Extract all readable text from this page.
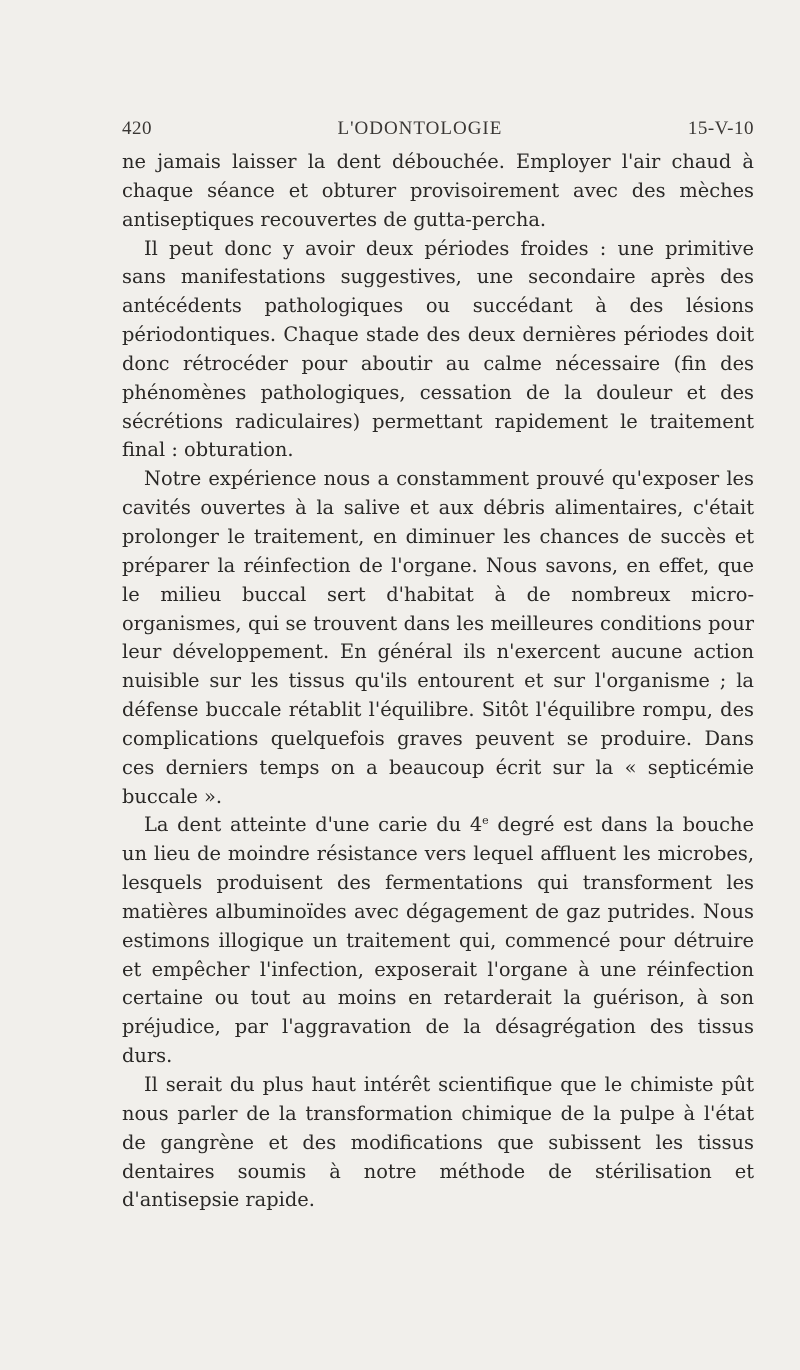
420	L'ODONTOLOGIE	15-V-10

ne jamais laisser la dent débouchée. Employer l'air chaud à chaque séance et obturer provisoirement avec des mèches antiseptiques recouvertes de gutta-percha.

Il peut donc y avoir deux périodes froides : une primitive sans manifestations suggestives, une secondaire après des antécédents pathologiques ou succédant à des lésions périodontiques. Chaque stade des deux dernières périodes doit donc rétrocéder pour aboutir au calme nécessaire (fin des phénomènes pathologiques, cessation de la douleur et des sécrétions radiculaires) permettant rapidement le traitement final : obturation.

Notre expérience nous a constamment prouvé qu'exposer les cavités ouvertes à la salive et aux débris alimentaires, c'était prolonger le traitement, en diminuer les chances de succès et préparer la réinfection de l'organe. Nous savons, en effet, que le milieu buccal sert d'habitat à de nombreux micro-organismes, qui se trouvent dans les meilleures conditions pour leur développement. En général ils n'exercent aucune action nuisible sur les tissus qu'ils entourent et sur l'organisme ; la défense buccale rétablit l'équilibre. Sitôt l'équilibre rompu, des complications quelquefois graves peuvent se produire. Dans ces derniers temps on a beaucoup écrit sur la « septicémie buccale ».

La dent atteinte d'une carie du 4e degré est dans la bouche un lieu de moindre résistance vers lequel affluent les microbes, lesquels produisent des fermentations qui transforment les matières albuminoïdes avec dégagement de gaz putrides. Nous estimons illogique un traitement qui, commencé pour détruire et empêcher l'infection, exposerait l'organe à une réinfection certaine ou tout au moins en retarderait la guérison, à son préjudice, par l'aggravation de la désagrégation des tissus durs.

Il serait du plus haut intérêt scientifique que le chimiste pût nous parler de la transformation chimique de la pulpe à l'état de gangrène et des modifications que subissent les tissus dentaires soumis à notre méthode de stérilisation et d'antisepsie rapide.
